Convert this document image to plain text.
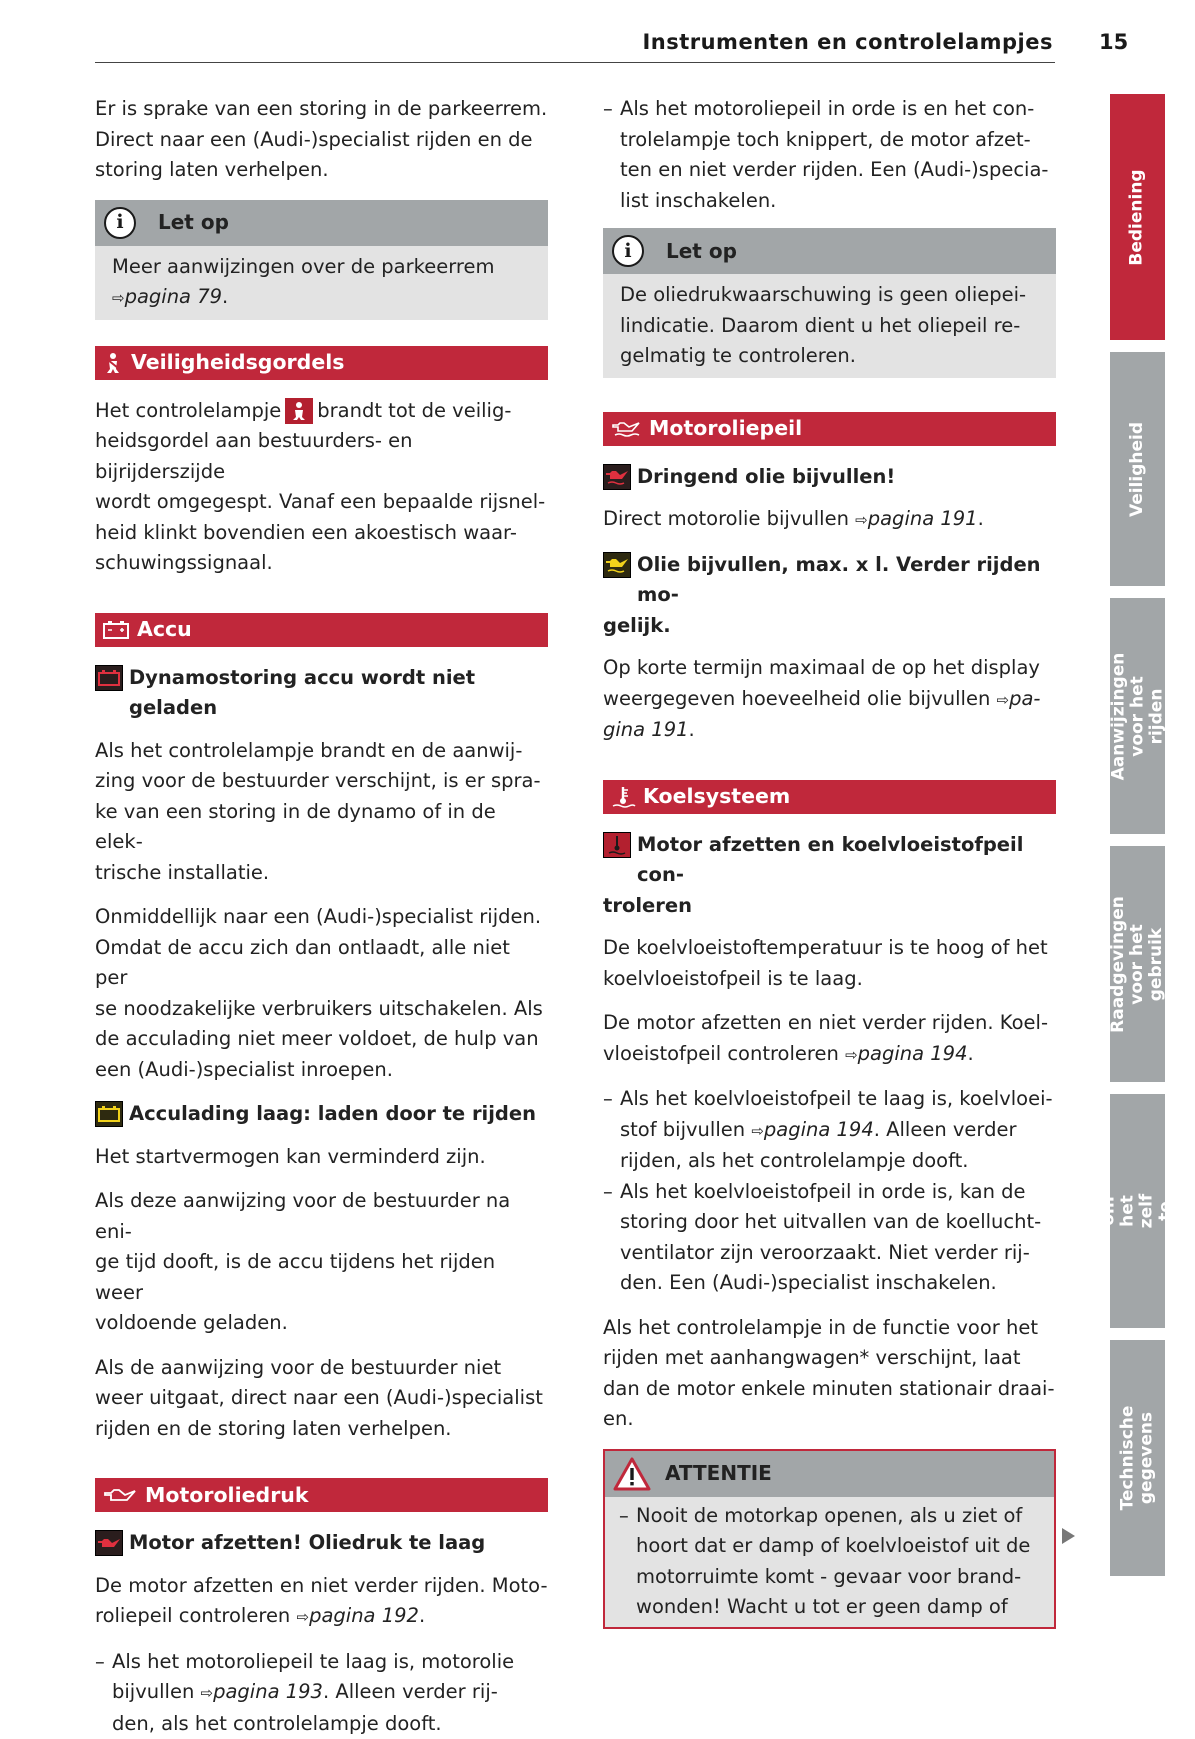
Instrumenten en controlelampjes 15

Er is sprake van een storing in de parkeerrem.
Direct naar een (Audi-)specialist rijden en de
storing laten verhelpen.

i	Let op
Meer aanwijzingen over de parkeerrem
⇨pagina 79.
Veiligheidsgordels

Het controlelampje brandt tot de veilig-
heidsgordel aan bestuurders- en bijrijderszijde
wordt omgegespt. Vanaf een bepaalde rijsnel-
heid klinkt bovendien een akoestisch waar-
schuwingssignaal.

Accu
Dynamostoring accu wordt niet geladen

Als het controlelampje brandt en de aanwij-
zing voor de bestuurder verschijnt, is er spra-
ke van een storing in de dynamo of in de elek-
trische installatie.

Onmiddellijk naar een (Audi-)specialist rijden.
Omdat de accu zich dan ontlaadt, alle niet per
se noodzakelijke verbruikers uitschakelen. Als
de acculading niet meer voldoet, de hulp van
een (Audi-)specialist inroepen.

Acculading laag: laden door te rijden

Het startvermogen kan verminderd zijn.

Als deze aanwijzing voor de bestuurder na eni-
ge tijd dooft, is de accu tijdens het rijden weer
voldoende geladen.

Als de aanwijzing voor de bestuurder niet
weer uitgaat, direct naar een (Audi-)specialist
rijden en de storing laten verhelpen.

Motoroliedruk
Motor afzetten! Oliedruk te laag

De motor afzetten en niet verder rijden. Moto-
roliepeil controleren ⇨pagina 192.

– Als het motoroliepeil te laag is, motorolie
bijvullen ⇨pagina 193. Alleen verder rij-
den, als het controlelampje dooft.
– Als het motoroliepeil in orde is en het con-
trolelampje toch knippert, de motor afzet-
ten en niet verder rijden. Een (Audi-)specia-
list inschakelen.
i	Let op
De oliedrukwaarschuwing is geen oliepei-
lindicatie. Daarom dient u het oliepeil re-
gelmatig te controleren.
Motoroliepeil
Dringend olie bijvullen!

Direct motorolie bijvullen ⇨pagina 191.

Olie bijvullen, max. x l. Verder rijden mo-
gelijk.

Op korte termijn maximaal de op het display
weergegeven hoeveelheid olie bijvullen ⇨pa-
gina 191.

Koelsysteem
Motor afzetten en koelvloeistofpeil con-
troleren

De koelvloeistoftemperatuur is te hoog of het
koelvloeistofpeil is te laag.

De motor afzetten en niet verder rijden. Koel-
vloeistofpeil controleren ⇨pagina 194.

– Als het koelvloeistofpeil te laag is, koelvloei-
stof bijvullen ⇨pagina 194. Alleen verder
rijden, als het controlelampje dooft.
– Als het koelvloeistofpeil in orde is, kan de
storing door het uitvallen van de koellucht-
ventilator zijn veroorzaakt. Niet verder rij-
den. Een (Audi-)specialist inschakelen.

Als het controlelampje in de functie voor het
rijden met aanhangwagen* verschijnt, laat
dan de motor enkele minuten stationair draai-
en.

ATTENTIE
– Nooit de motorkap openen, als u ziet of
hoort dat er damp of koelvloeistof uit de
motorruimte komt - gevaar voor brand-
wonden! Wacht u tot er geen damp of
Bediening
Veiligheid
Aanwijzingen voor het rijden
Raadgevingen voor het gebruik
Tips om het zelf te doen
Technische gegevens
